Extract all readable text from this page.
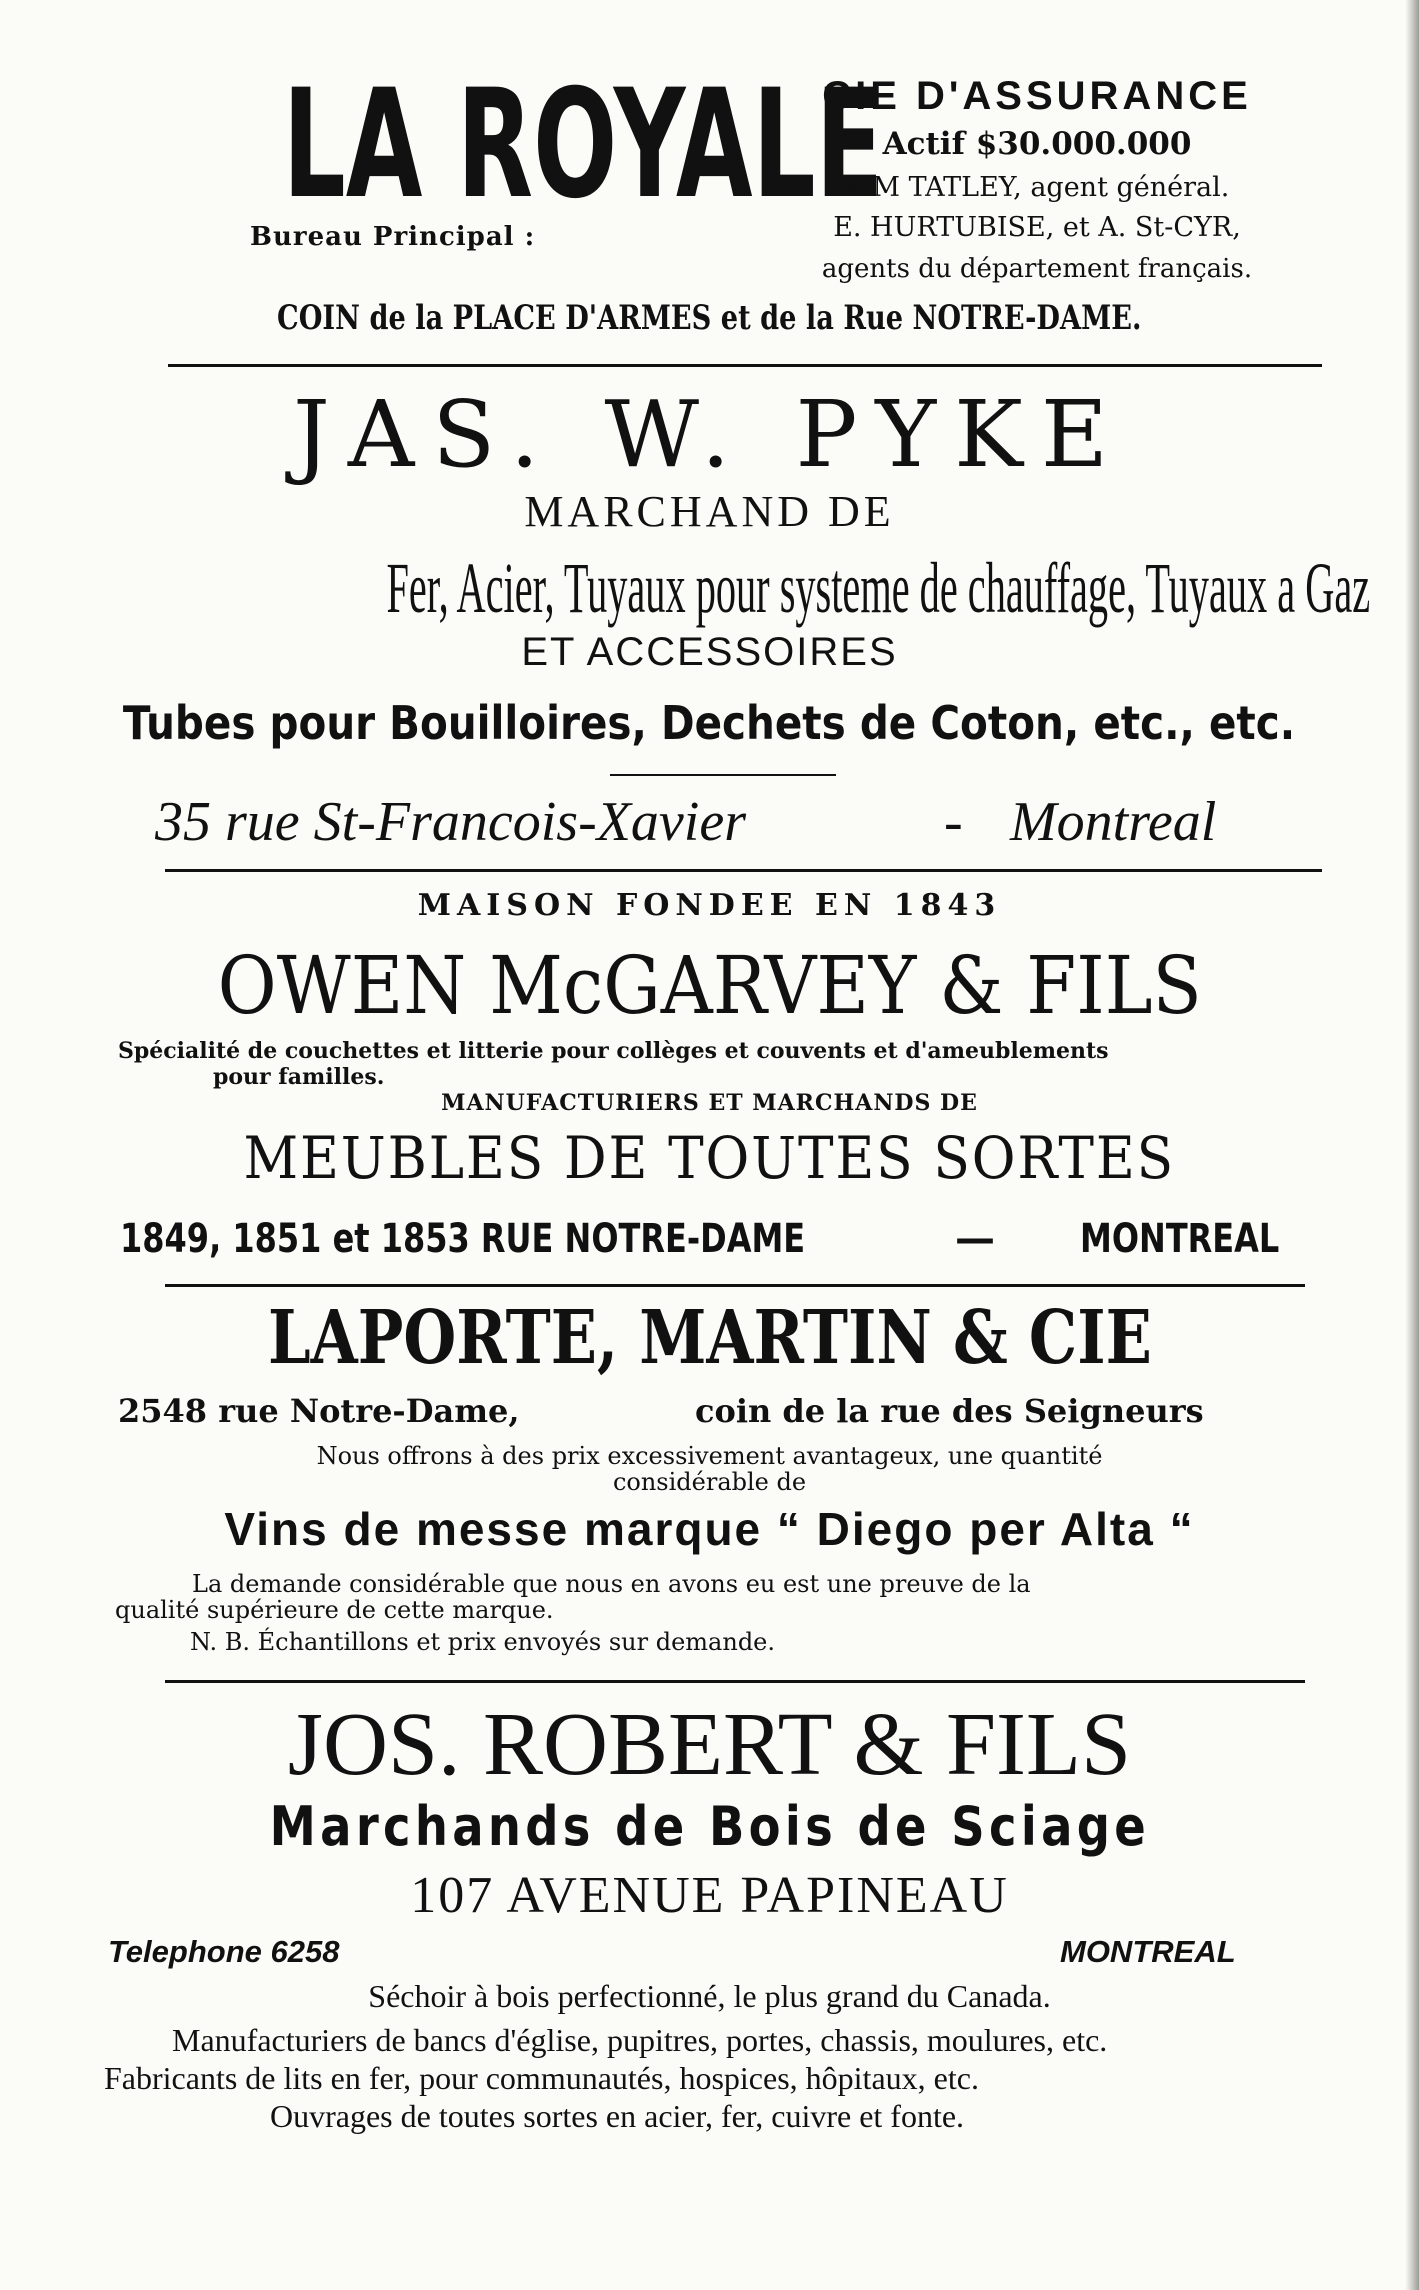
LA ROYALE
Bureau Principal :
CIE D'ASSURANCE
Actif $30.000.000
WM TATLEY, agent général.
E. HURTUBISE, et A. St-CYR,
agents du département français.
COIN de la PLACE D'ARMES et de la Rue NOTRE-DAME.
JAS. W. PYKE
MARCHAND DE
Fer, Acier, Tuyaux pour systeme de chauffage, Tuyaux a Gaz
ET ACCESSOIRES
Tubes pour Bouilloires, Dechets de Coton, etc., etc.
35 rue St-Francois-Xavier	- Montreal
MAISON FONDEE EN 1843
OWEN McGARVEY & FILS
Spécialité de couchettes et litterie pour collèges et couvents et d'ameublements
pour familles.
MANUFACTURIERS ET MARCHANDS DE
MEUBLES DE TOUTES SORTES
1849, 1851 et 1853 RUE NOTRE-DAME	— MONTREAL
LAPORTE, MARTIN & CIE
2548 rue Notre-Dame,	coin de la rue des Seigneurs
Nous offrons à des prix excessivement avantageux, une quantité
considérable de
Vins de messe marque “ Diego per Alta “
La demande considérable que nous en avons eu est une preuve de la
qualité supérieure de cette marque.
N. B. Échantillons et prix envoyés sur demande.
JOS. ROBERT & FILS
Marchands de Bois de Sciage
107 AVENUE PAPINEAU
Telephone 6258	MONTREAL
Séchoir à bois perfectionné, le plus grand du Canada.
Manufacturiers de bancs d'église, pupitres, portes, chassis, moulures, etc.
Fabricants de lits en fer, pour communautés, hospices, hôpitaux, etc.
Ouvrages de toutes sortes en acier, fer, cuivre et fonte.
